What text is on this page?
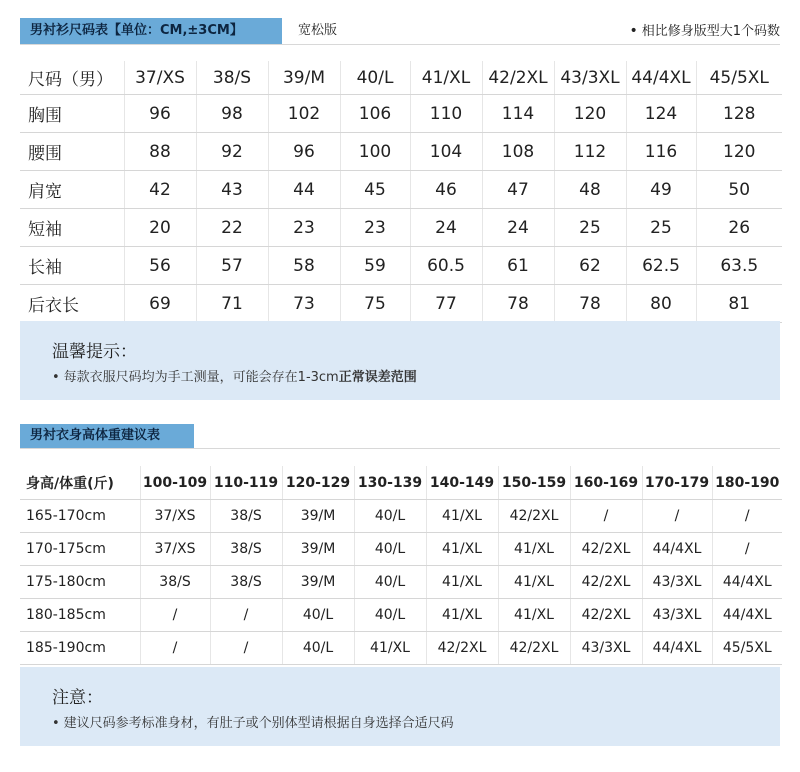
男衬衫尺码表【单位：CM,±3CM】	宽松版	• 相比修身版型大1个码数
尺码（男）	37/XS	38/S	39/M	40/L	41/XL	42/2XL	43/3XL	44/4XL	45/5XL
胸围	96	98	102	106	110	114	120	124	128
腰围	88	92	96	100	104	108	112	116	120
肩宽	42	43	44	45	46	47	48	49	50
短袖	20	22	23	23	24	24	25	25	26
长袖	56	57	58	59	60.5	61	62	62.5	63.5
后衣长	69	71	73	75	77	78	78	80	81
温馨提示：
• 每款衣服尺码均为手工测量，可能会存在1-3cm正常误差范围
男衬衣身高体重建议表
身高/体重(斤)	100-109	110-119	120-129	130-139	140-149	150-159	160-169	170-179	180-190
165-170cm	37/XS	38/S	39/M	40/L	41/XL	42/2XL	/	/	/
170-175cm	37/XS	38/S	39/M	40/L	41/XL	41/XL	42/2XL	44/4XL	/
175-180cm	38/S	38/S	39/M	40/L	41/XL	41/XL	42/2XL	43/3XL	44/4XL
180-185cm	/	/	40/L	40/L	41/XL	41/XL	42/2XL	43/3XL	44/4XL
185-190cm	/	/	40/L	41/XL	42/2XL	42/2XL	43/3XL	44/4XL	45/5XL
注意：
• 建议尺码参考标准身材，有肚子或个别体型请根据自身选择合适尺码
